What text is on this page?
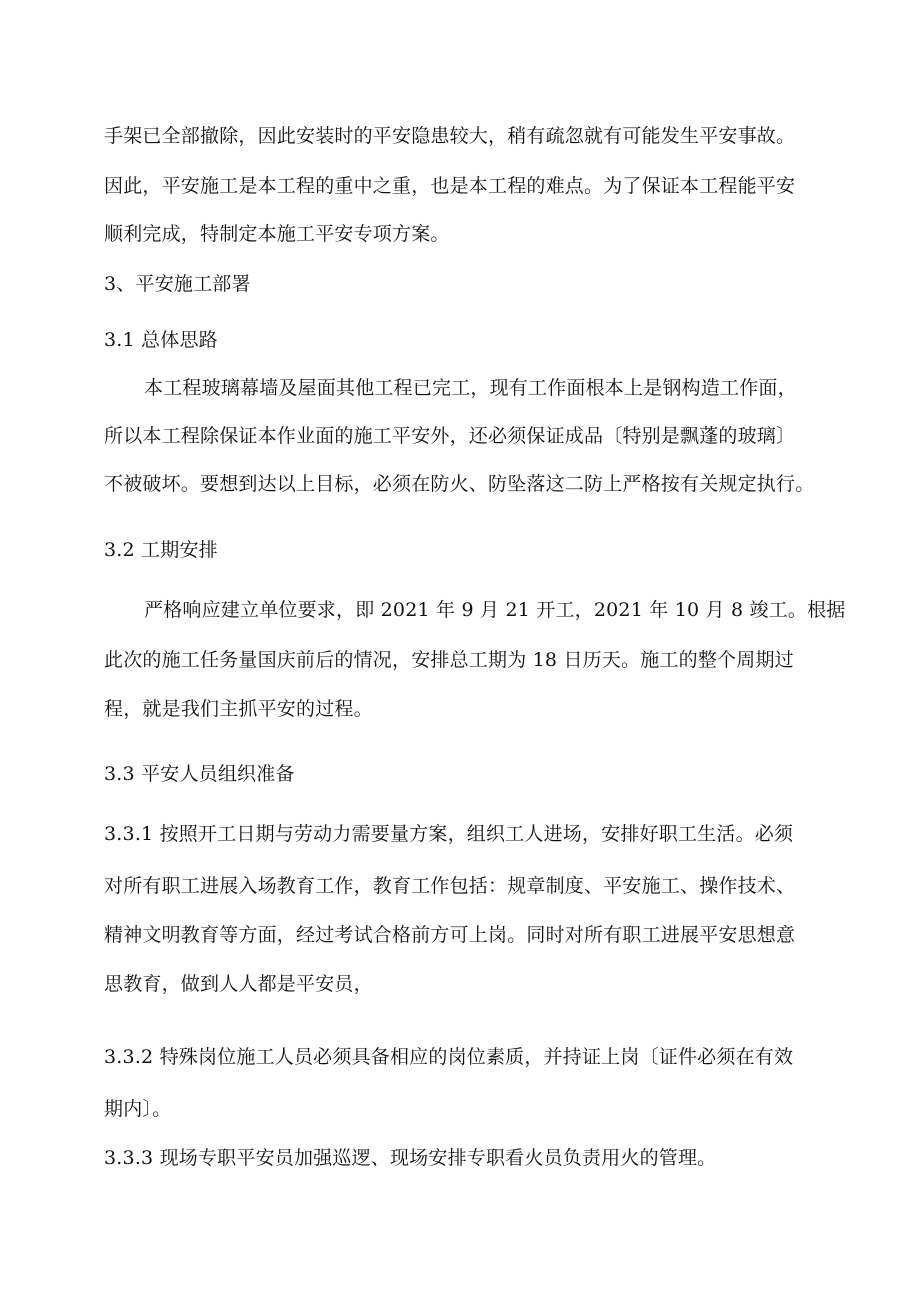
手架已全部撤除，因此安装时的平安隐患较大，稍有疏忽就有可能发生平安事故。
因此，平安施工是本工程的重中之重，也是本工程的难点。为了保证本工程能平安
顺利完成，特制定本施工平安专项方案。
3、平安施工部署
3.1 总体思路
本工程玻璃幕墙及屋面其他工程已完工，现有工作面根本上是钢构造工作面，
所以本工程除保证本作业面的施工平安外，还必须保证成品〔特别是飘蓬的玻璃〕
不被破坏。要想到达以上目标，必须在防火、防坠落这二防上严格按有关规定执行。
3.2 工期安排
严格响应建立单位要求，即 2021 年 9 月 21 开工，2021 年 10 月 8 竣工。根据
此次的施工任务量国庆前后的情况，安排总工期为 18 日历天。施工的整个周期过
程，就是我们主抓平安的过程。
3.3 平安人员组织准备
3.3.1 按照开工日期与劳动力需要量方案，组织工人进场，安排好职工生活。必须
对所有职工进展入场教育工作，教育工作包括：规章制度、平安施工、操作技术、
精神文明教育等方面，经过考试合格前方可上岗。同时对所有职工进展平安思想意
思教育，做到人人都是平安员，
3.3.2 特殊岗位施工人员必须具备相应的岗位素质，并持证上岗〔证件必须在有效
期内〕。
3.3.3 现场专职平安员加强巡逻、现场安排专职看火员负责用火的管理。
